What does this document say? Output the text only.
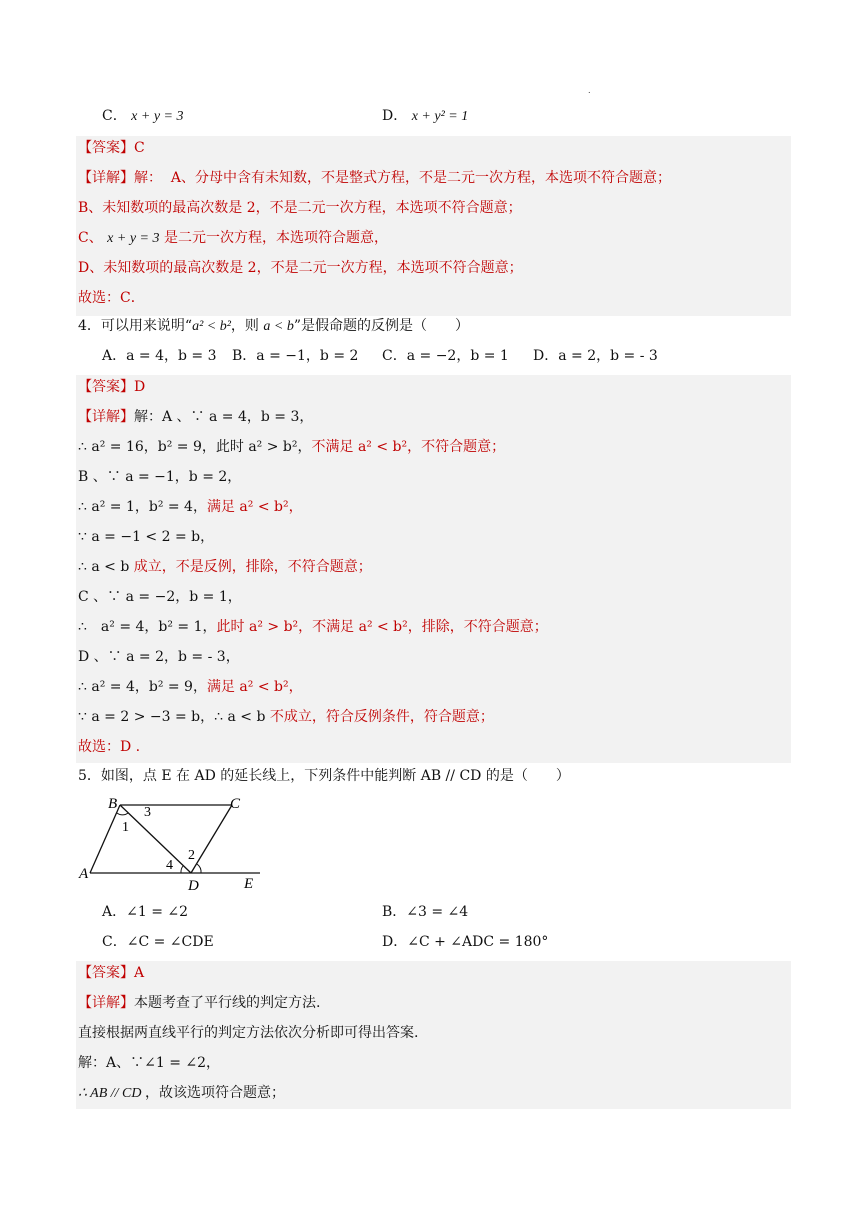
.
C． x + y = 3	D． x + y² = 1
【答案】C
【详解】解： A、分母中含有未知数，不是整式方程，不是二元一次方程，本选项不符合题意；
B、未知数项的最高次数是 2，不是二元一次方程，本选项不符合题意；
C、 x + y = 3 是二元一次方程，本选项符合题意，
D、未知数项的最高次数是 2，不是二元一次方程，本选项不符合题意；
故选：C．
4．可以用来说明“a² < b²，则 a < b”是假命题的反例是（　　）
A．a = 4，b = 3 B．a = −1，b = 2 C．a = −2，b = 1 D．a = 2，b = - 3
【答案】D
【详解】解：A 、∵ a = 4，b = 3，
∴ a² = 16，b² = 9，此时 a² > b²，不满足 a² < b²，不符合题意；
B 、∵ a = −1，b = 2，
∴ a² = 1，b² = 4，满足 a² < b²，
∵ a = −1 < 2 = b，
∴ a < b 成立，不是反例，排除，不符合题意；
C 、∵ a = −2，b = 1，
∴　a² = 4，b² = 1，此时 a² > b²，不满足 a² < b²，排除，不符合题意；
D 、∵ a = 2，b = - 3，
∴ a² = 4，b² = 9，满足 a² < b²，
∵ a = 2 > −3 = b，∴ a < b 不成立，符合反例条件，符合题意；
故选：D .
5．如图，点 E 在 AD 的延长线上，下列条件中能判断 AB // CD 的是（　　）
A
B	C
D	E
1
2
3
4
A．∠1 = ∠2	B．∠3 = ∠4
C．∠C = ∠CDE	D．∠C + ∠ADC = 180°
【答案】A
【详解】本题考查了平行线的判定方法.
直接根据两直线平行的判定方法依次分析即可得出答案.
解：A、∵∠1 = ∠2，
∴ AB // CD ，故该选项符合题意；
